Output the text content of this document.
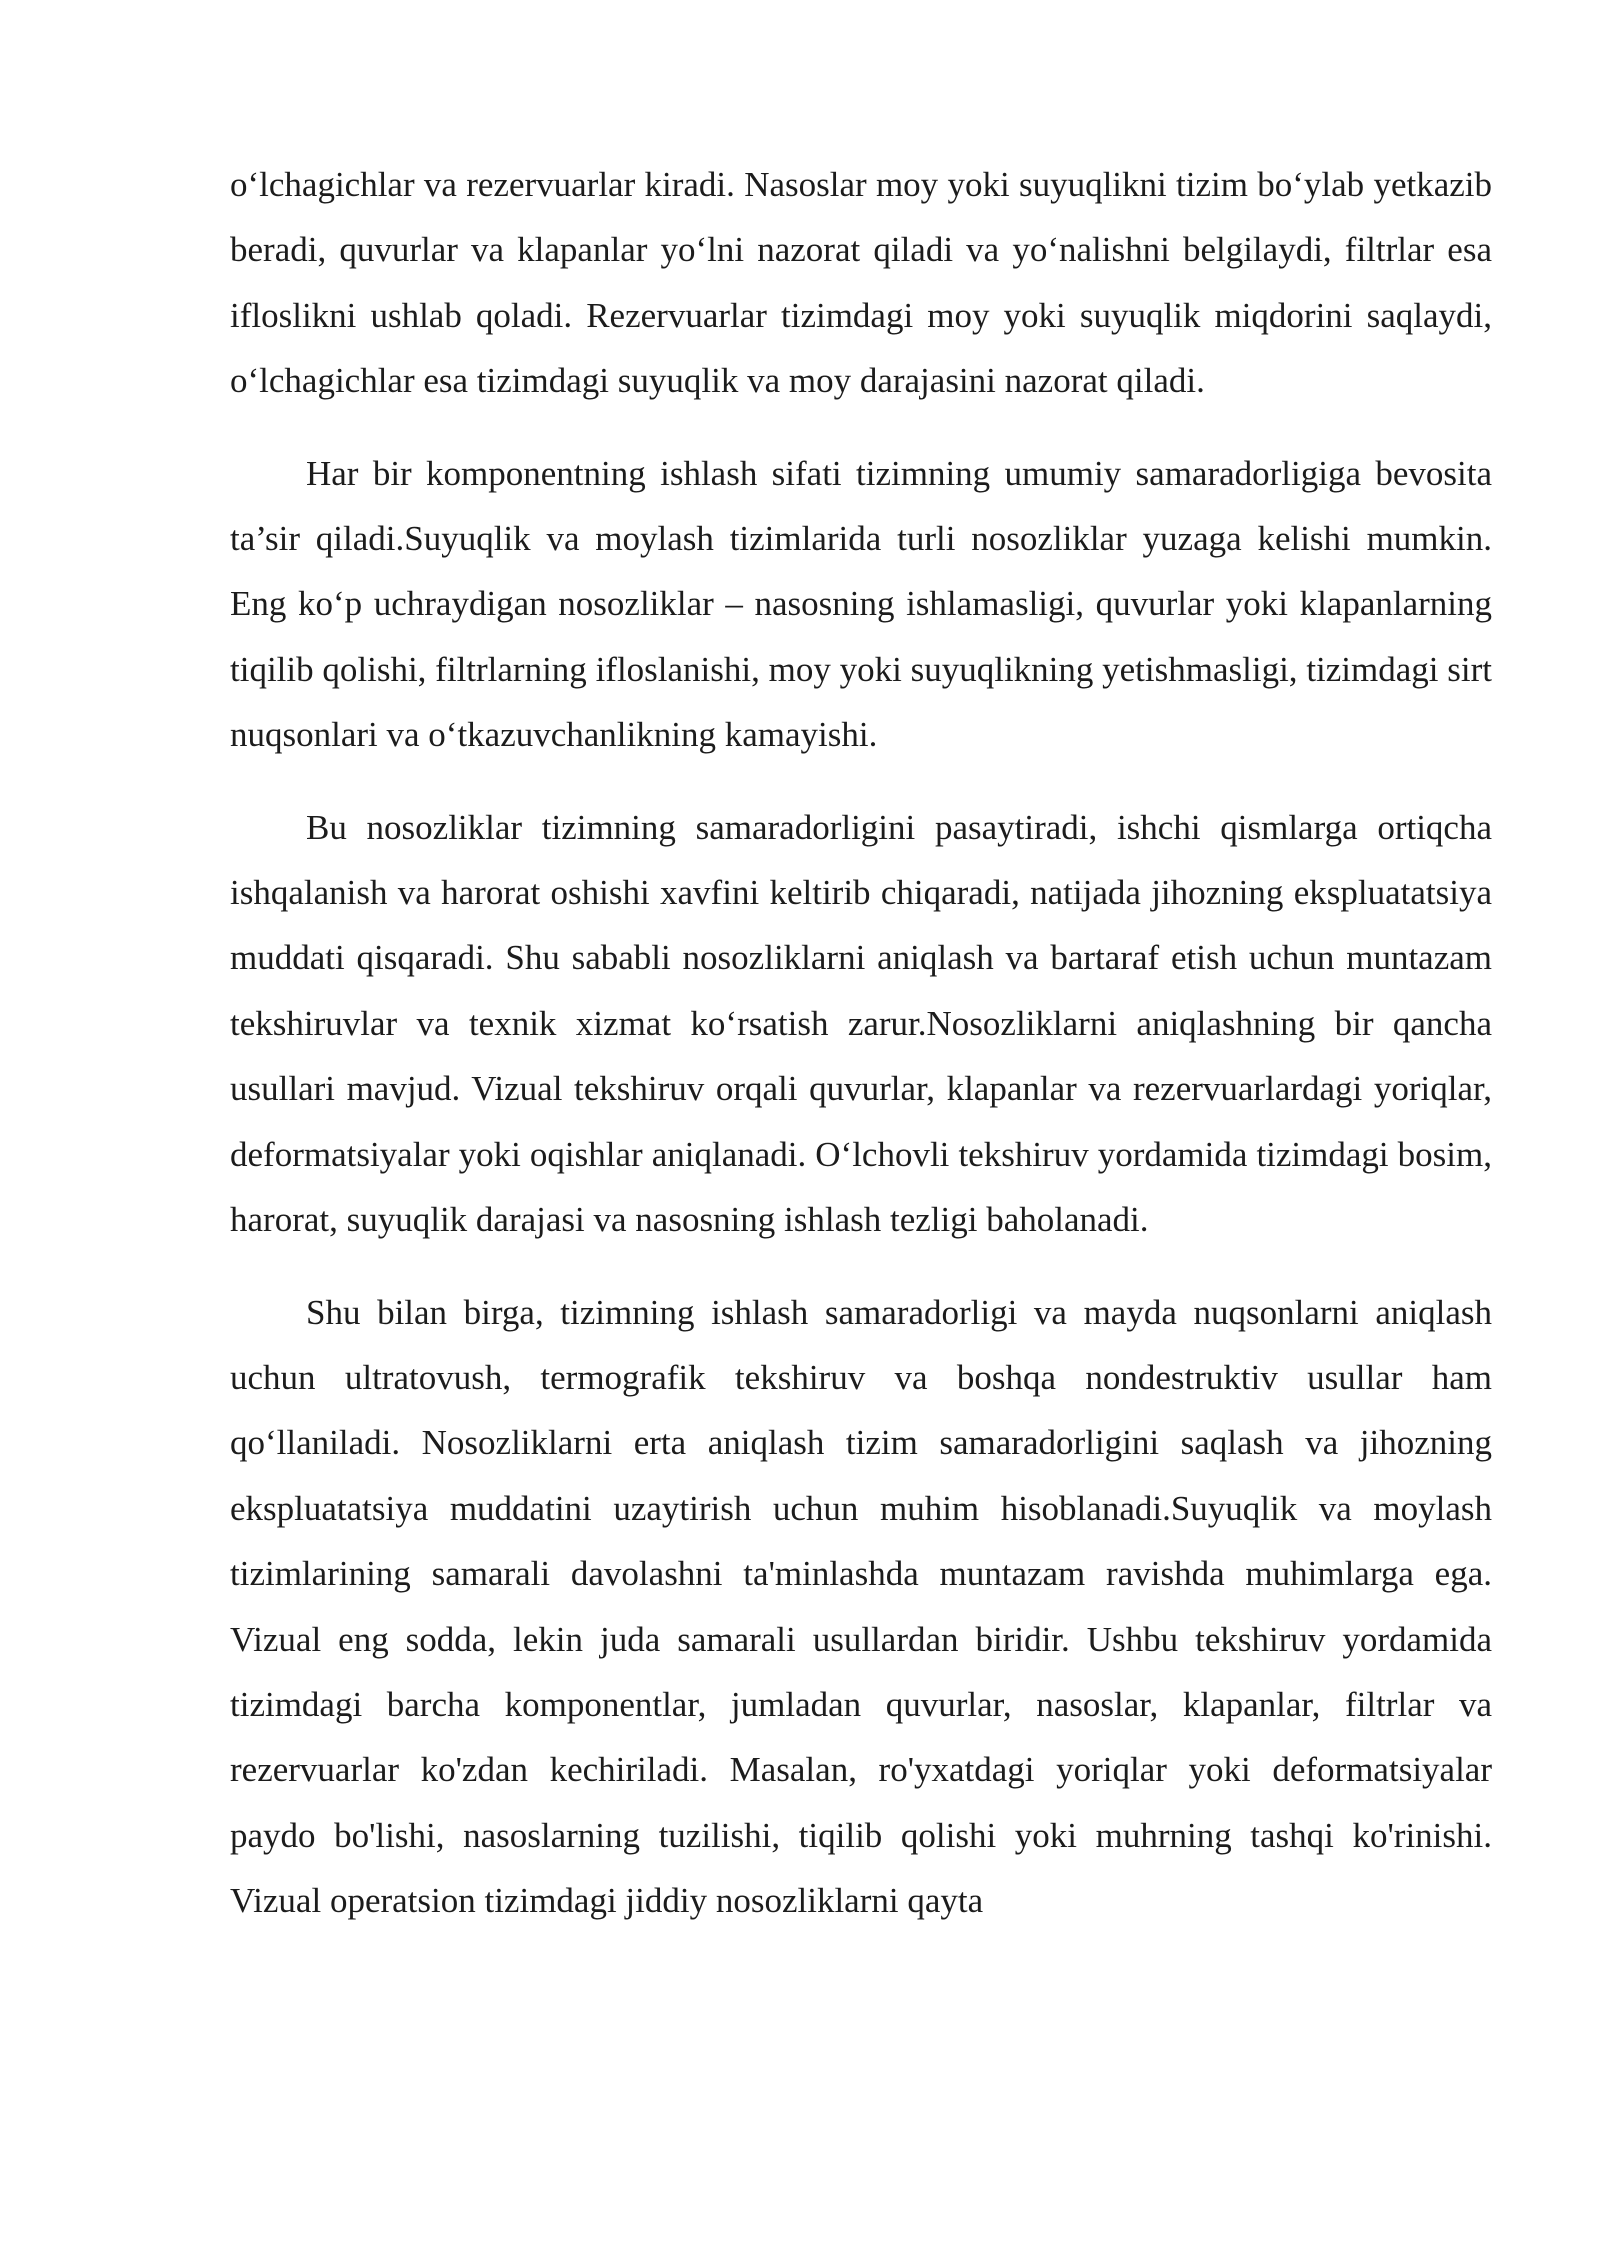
o‘lchagichlar va rezervuarlar kiradi. Nasoslar moy yoki suyuqlikni tizim bo‘ylab yetkazib beradi, quvurlar va klapanlar yo‘lni nazorat qiladi va yo‘nalishni belgilaydi, filtrlar esa ifloslikni ushlab qoladi. Rezervuarlar tizimdagi moy yoki suyuqlik miqdorini saqlaydi, o‘lchagichlar esa tizimdagi suyuqlik va moy darajasini nazorat qiladi.

Har bir komponentning ishlash sifati tizimning umumiy samaradorligiga bevosita ta’sir qiladi.Suyuqlik va moylash tizimlarida turli nosozliklar yuzaga kelishi mumkin. Eng ko‘p uchraydigan nosozliklar – nasosning ishlamasligi, quvurlar yoki klapanlarning tiqilib qolishi, filtrlarning ifloslanishi, moy yoki suyuqlikning yetishmasligi, tizimdagi sirt nuqsonlari va o‘tkazuvchanlikning kamayishi.

Bu nosozliklar tizimning samaradorligini pasaytiradi, ishchi qismlarga ortiqcha ishqalanish va harorat oshishi xavfini keltirib chiqaradi, natijada jihozning ekspluatatsiya muddati qisqaradi. Shu sababli nosozliklarni aniqlash va bartaraf etish uchun muntazam tekshiruvlar va texnik xizmat ko‘rsatish zarur.Nosozliklarni aniqlashning bir qancha usullari mavjud. Vizual tekshiruv orqali quvurlar, klapanlar va rezervuarlardagi yoriqlar, deformatsiyalar yoki oqishlar aniqlanadi. O‘lchovli tekshiruv yordamida tizimdagi bosim, harorat, suyuqlik darajasi va nasosning ishlash tezligi baholanadi.

Shu bilan birga, tizimning ishlash samaradorligi va mayda nuqsonlarni aniqlash uchun ultratovush, termografik tekshiruv va boshqa nondestruktiv usullar ham qo‘llaniladi. Nosozliklarni erta aniqlash tizim samaradorligini saqlash va jihozning ekspluatatsiya muddatini uzaytirish uchun muhim hisoblanadi.Suyuqlik va moylash tizimlarining samarali davolashni ta'minlashda muntazam ravishda muhimlarga ega. Vizual eng sodda, lekin juda samarali usullardan biridir. Ushbu tekshiruv yordamida tizimdagi barcha komponentlar, jumladan quvurlar, nasoslar, klapanlar, filtrlar va rezervuarlar ko'zdan kechiriladi. Masalan, ro'yxatdagi yoriqlar yoki deformatsiyalar paydo bo'lishi, nasoslarning tuzilishi, tiqilib qolishi yoki muhrning tashqi ko'rinishi. Vizual operatsion tizimdagi jiddiy nosozliklarni qayta
